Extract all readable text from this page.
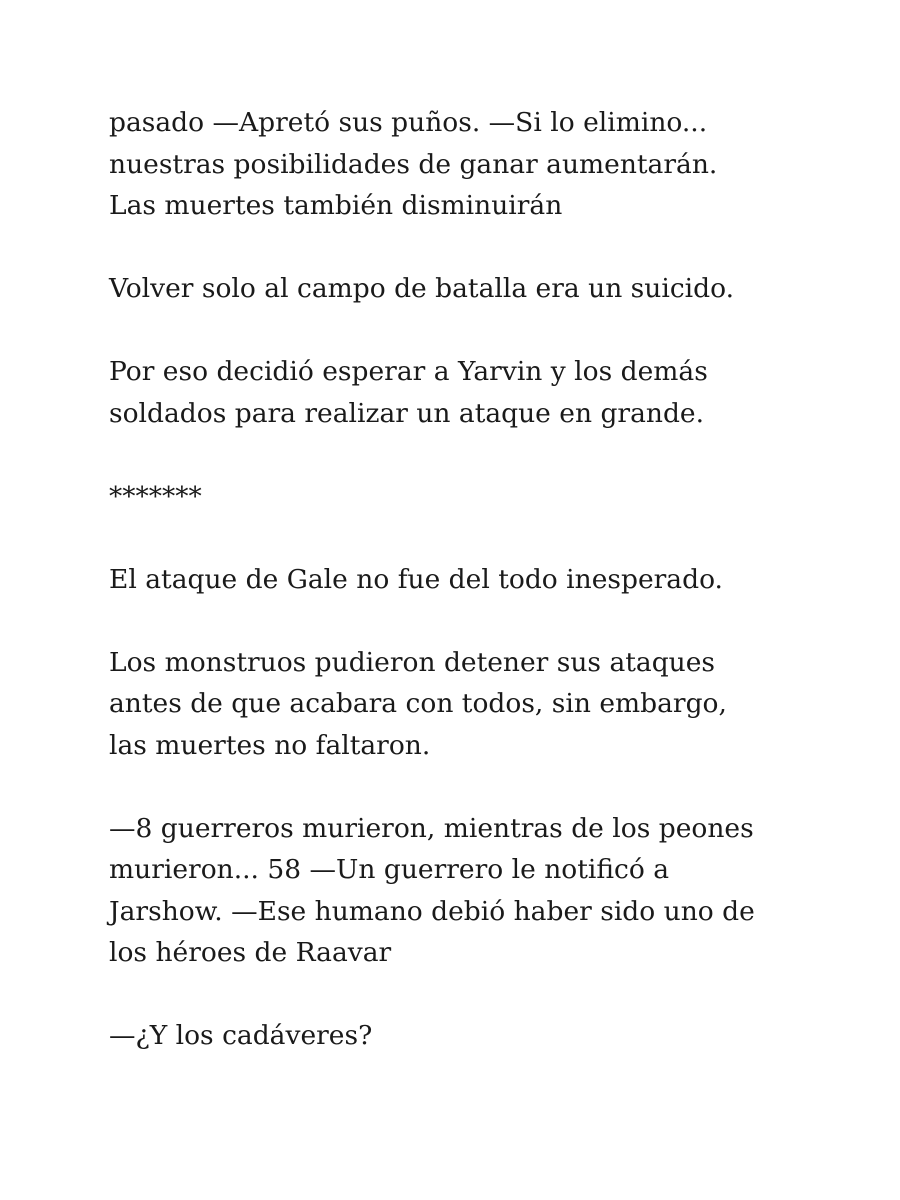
pasado —Apretó sus puños. —Si lo elimino...
nuestras posibilidades de ganar aumentarán.
Las muertes también disminuirán

Volver solo al campo de batalla era un suicido.

Por eso decidió esperar a Yarvin y los demás
soldados para realizar un ataque en grande.

*******

El ataque de Gale no fue del todo inesperado.

Los monstruos pudieron detener sus ataques
antes de que acabara con todos, sin embargo,
las muertes no faltaron.

—8 guerreros murieron, mientras de los peones
murieron... 58 —Un guerrero le notificó a
Jarshow. —Ese humano debió haber sido uno de
los héroes de Raavar

—¿Y los cadáveres?
